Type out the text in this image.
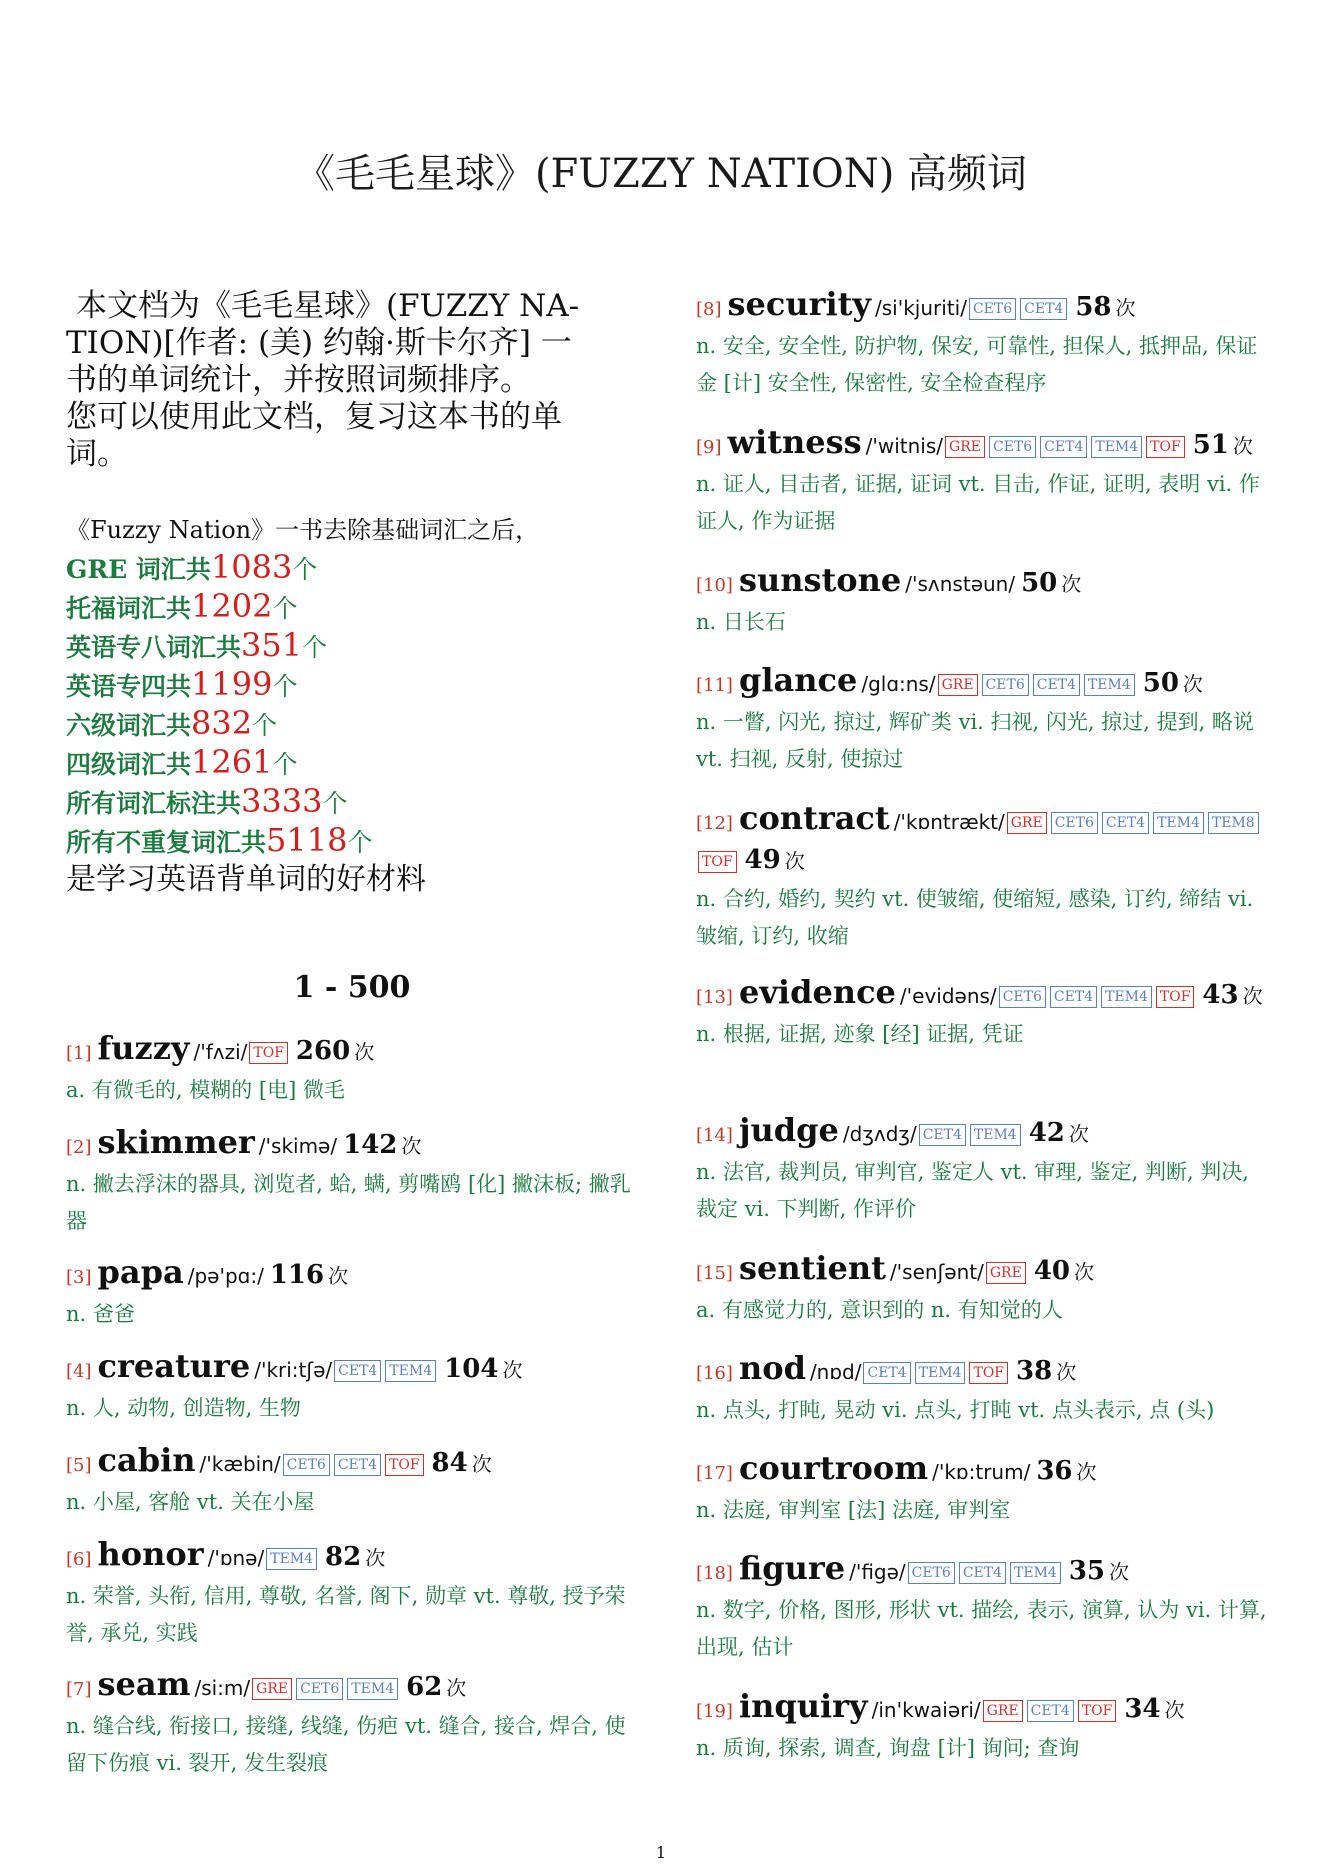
《毛毛星球》(FUZZY NATION) 高频词

本文档为《毛毛星球》(FUZZY NA-

TION)[作者: (美) 约翰·斯卡尔齐] 一

书的单词统计，并按照词频排序。

您可以使用此文档，复习这本书的单

词。

《Fuzzy Nation》一书去除基础词汇之后，
GRE 词汇共1083个
托福词汇共1202个
英语专八词汇共351个
英语专四共1199个
六级词汇共832个
四级词汇共1261个
所有词汇标注共3333个
所有不重复词汇共5118个
是学习英语背单词的好材料
1 - 500
[1] fuzzy /'fʌzi/ TOF 260 次
a. 有微毛的, 模糊的 [电] 微毛
[2] skimmer /'skimə/ 142 次
n. 撇去浮沫的器具, 浏览者, 蛤, 螨, 剪嘴鸥 [化] 撇沫板; 撇乳器
[3] papa /pə'pɑ:/ 116 次
n. 爸爸
[4] creature /'kri:tʃə/ CET4 TEM4 104 次
n. 人, 动物, 创造物, 生物
[5] cabin /'kæbin/ CET6 CET4 TOF 84 次
n. 小屋, 客舱 vt. 关在小屋
[6] honor /'ɒnə/ TEM4 82 次
n. 荣誉, 头衔, 信用, 尊敬, 名誉, 阁下, 勋章 vt. 尊敬, 授予荣誉, 承兑, 实践
[7] seam /si:m/ GRE CET6 TEM4 62 次
n. 缝合线, 衔接口, 接缝, 线缝, 伤疤 vt. 缝合, 接合, 焊合, 使留下伤痕 vi. 裂开, 发生裂痕
[8] security /si'kjuriti/ CET6 CET4 58 次
n. 安全, 安全性, 防护物, 保安, 可靠性, 担保人, 抵押品, 保证金 [计] 安全性, 保密性, 安全检查程序
[9] witness /'witnis/ GRE CET6 CET4 TEM4 TOF 51 次
n. 证人, 目击者, 证据, 证词 vt. 目击, 作证, 证明, 表明 vi. 作证人, 作为证据
[10] sunstone /'sʌnstəun/ 50 次
n. 日长石
[11] glance /glɑ:ns/ GRE CET6 CET4 TEM4 50 次
n. 一瞥, 闪光, 掠过, 辉矿类 vi. 扫视, 闪光, 掠过, 提到, 略说 vt. 扫视, 反射, 使掠过
[12] contract /'kɒntrækt/ GRE CET6 CET4 TEM4 TEM8TOF 49 次
n. 合约, 婚约, 契约 vt. 使皱缩, 使缩短, 感染, 订约, 缔结 vi. 皱缩, 订约, 收缩
[13] evidence /'evidəns/ CET6 CET4 TEM4 TOF 43 次
n. 根据, 证据, 迹象 [经] 证据, 凭证
[14] judge /dʒʌdʒ/ CET4 TEM4 42 次
n. 法官, 裁判员, 审判官, 鉴定人 vt. 审理, 鉴定, 判断, 判决, 裁定 vi. 下判断, 作评价
[15] sentient /'senʃənt/ GRE 40 次
a. 有感觉力的, 意识到的 n. 有知觉的人
[16] nod /nɒd/ CET4 TEM4 TOF 38 次
n. 点头, 打盹, 晃动 vi. 点头, 打盹 vt. 点头表示, 点 (头)
[17] courtroom /'kɒ:trum/ 36 次
n. 法庭, 审判室 [法] 法庭, 审判室
[18] figure /'figə/ CET6 CET4 TEM4 35 次
n. 数字, 价格, 图形, 形状 vt. 描绘, 表示, 演算, 认为 vi. 计算, 出现, 估计
[19] inquiry /in'kwaiəri/ GRE CET4 TOF 34 次
n. 质询, 探索, 调查, 询盘 [计] 询问; 查询
1
